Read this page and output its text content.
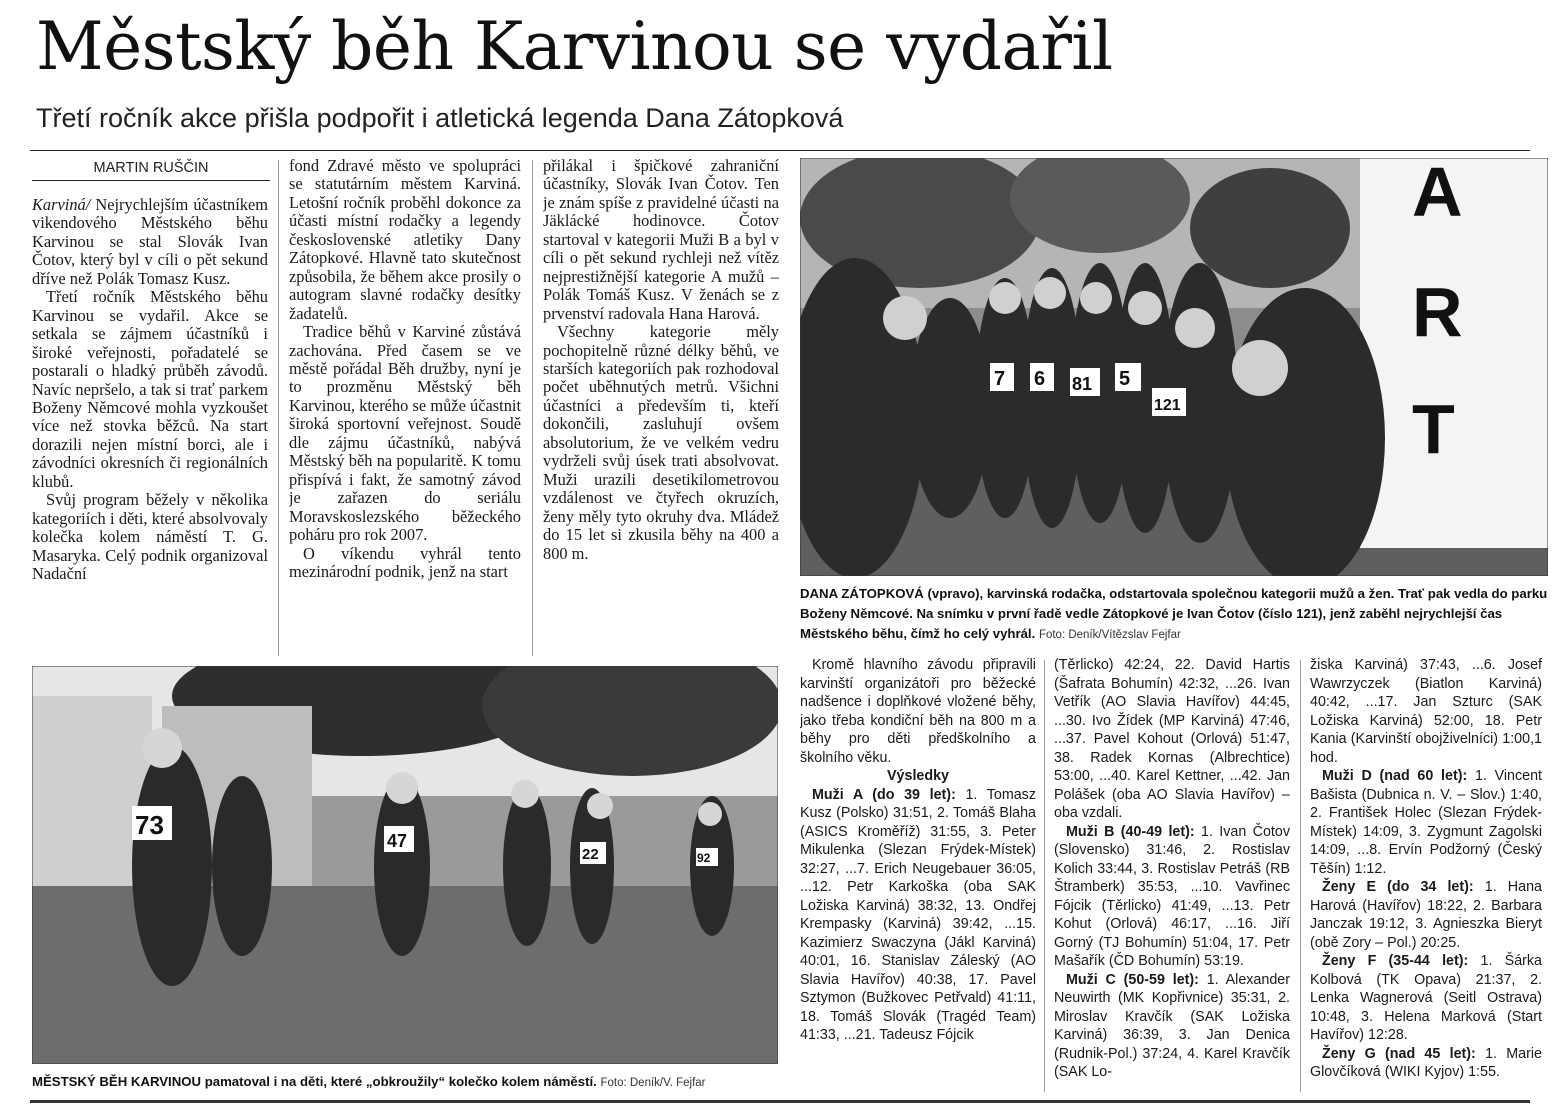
Městský běh Karvinou se vydařil
Třetí ročník akce přišla podpořit i atletická legenda Dana Zátopková
MARTIN RUŠČIN

Karviná/ Nejrychlejším účastníkem vikendového Městského běhu Karvinou se stal Slovák Ivan Čotov, který byl v cíli o pět sekund dříve než Polák Tomasz Kusz.

Třetí ročník Městského běhu Karvinou se vydařil. Akce se setkala se zájmem účastníků i široké veřejnosti, pořadatelé se postarali o hladký průběh závodů. Navíc nepršelo, a tak si trať parkem Boženy Němcové mohla vyzkoušet více než stovka běžců. Na start dorazili nejen místní borci, ale i závodníci okresních či regionálních klubů.

Svůj program běžely v několika kategoriích i děti, které absolvovaly kolečka kolem náměstí T. G. Masaryka. Celý podnik organizoval Nadační

fond Zdravé město ve spolupráci se statutárním městem Karviná. Letošní ročník proběhl dokonce za účasti místní rodačky a legendy československé atletiky Dany Zátopkové. Hlavně tato skutečnost způsobila, že během akce prosily o autogram slavné rodačky desítky žadatelů.

Tradice běhů v Karviné zůstává zachována. Před časem se ve městě pořádal Běh družby, nyní je to prozměnu Městský běh Karvinou, kterého se může účastnit široká sportovní veřejnost. Soudě dle zájmu účastníků, nabývá Městský běh na popularitě. K tomu přispívá i fakt, že samotný závod je zařazen do seriálu Moravskoslezského běžeckého poháru pro rok 2007.

O víkendu vyhrál tento mezinárodní podnik, jenž na start

přilákal i špičkové zahraniční účastníky, Slovák Ivan Čotov. Ten je znám spíše z pravidelné účasti na Jäklácké hodinovce. Čotov startoval v kategorii Muži B a byl v cíli o pět sekund rychleji než vítěz nejprestižnější kategorie A mužů – Polák Tomáš Kusz. V ženách se z prvenství radovala Hana Harová.

Všechny kategorie měly pochopitelně různé délky běhů, ve starších kategoriích pak rozhodoval počet uběhnutých metrů. Všichni účastníci a především ti, kteří dokončili, zasluhují ovšem absolutorium, že ve velkém vedru vydrželi svůj úsek trati absolvovat. Muži urazili desetikilometrovou vzdálenost ve čtyřech okruzích, ženy měly tyto okruhy dva. Mládež do 15 let si zkusila běhy na 400 a 800 m.

A
R
T
7 6 81 5
121
DANA ZÁTOPKOVÁ (vpravo), karvinská rodačka, odstartovala společnou kategorii mužů a žen. Trať pak vedla do parku Boženy Němcové. Na snímku v první řadě vedle Zátopkové je Ivan Čotov (číslo 121), jenž zaběhl nejrychlejší čas Městského běhu, čímž ho celý vyhrál. Foto: Deník/Vítězslav Fejfar
73
47
22	92
MĚSTSKÝ BĚH KARVINOU pamatoval i na děti, které „obkroužily“ kolečko kolem náměstí. Foto: Deník/V. Fejfar

Kromě hlavního závodu připravili karvinští organizátoři pro běžecké nadšence i doplňkové vložené běhy, jako třeba kondiční běh na 800 m a běhy pro děti předškolního a školního věku.

Výsledky

Muži A (do 39 let): 1. Tomasz Kusz (Polsko) 31:51, 2. Tomáš Blaha (ASICS Kroměříž) 31:55, 3. Peter Mikulenka (Slezan Frýdek-Místek) 32:27, ...7. Erich Neugebauer 36:05, ...12. Petr Karkoška (oba SAK Ložiska Karviná) 38:32, 13. Ondřej Krempasky (Karviná) 39:42, ...15. Kazimierz Swaczyna (Jákl Karviná) 40:01, 16. Stanislav Záleský (AO Slavia Havířov) 40:38, 17. Pavel Sztymon (Bužkovec Petřvald) 41:11, 18. Tomáš Slovák (Tragéd Team) 41:33, ...21. Tadeusz Fójcik

(Těrlicko) 42:24, 22. David Hartis (Šafrata Bohumín) 42:32, ...26. Ivan Vetřík (AO Slavia Havířov) 44:45, ...30. Ivo Žídek (MP Karviná) 47:46, ...37. Pavel Kohout (Orlová) 51:47, 38. Radek Kornas (Albrechtice) 53:00, ...40. Karel Kettner, ...42. Jan Polášek (oba AO Slavia Havířov) – oba vzdali.

Muži B (40-49 let): 1. Ivan Čotov (Slovensko) 31:46, 2. Rostislav Kolich 33:44, 3. Rostislav Petráš (RB Štramberk) 35:53, ...10. Vavřinec Fójcik (Těrlicko) 41:49, ...13. Petr Kohut (Orlová) 46:17, ...16. Jiří Gorný (TJ Bohumín) 51:04, 17. Petr Mašařík (ČD Bohumín) 53:19.

Muži C (50-59 let): 1. Alexander Neuwirth (MK Kopřivnice) 35:31, 2. Miroslav Kravčík (SAK Ložiska Karviná) 36:39, 3. Jan Denica (Rudnik-Pol.) 37:24, 4. Karel Kravčík (SAK Lo-

žiska Karviná) 37:43, ...6. Josef Wawrzyczek (Biatlon Karviná) 40:42, ...17. Jan Szturc (SAK Ložiska Karviná) 52:00, 18. Petr Kania (Karvinští obojživelníci) 1:00,1 hod.

Muži D (nad 60 let): 1. Vincent Bašista (Dubnica n. V. – Slov.) 1:40, 2. František Holec (Slezan Frýdek-Místek) 14:09, 3. Zygmunt Zagolski 14:09, ...8. Ervín Podžorný (Český Těšín) 1:12.

Ženy E (do 34 let): 1. Hana Harová (Havířov) 18:22, 2. Barbara Janczak 19:12, 3. Agnieszka Bieryt (obě Zory – Pol.) 20:25.

Ženy F (35-44 let): 1. Šárka Kolbová (TK Opava) 21:37, 2. Lenka Wagnerová (Seitl Ostrava) 10:48, 3. Helena Marková (Start Havířov) 12:28.

Ženy G (nad 45 let): 1. Marie Glovčíková (WIKI Kyjov) 1:55.
